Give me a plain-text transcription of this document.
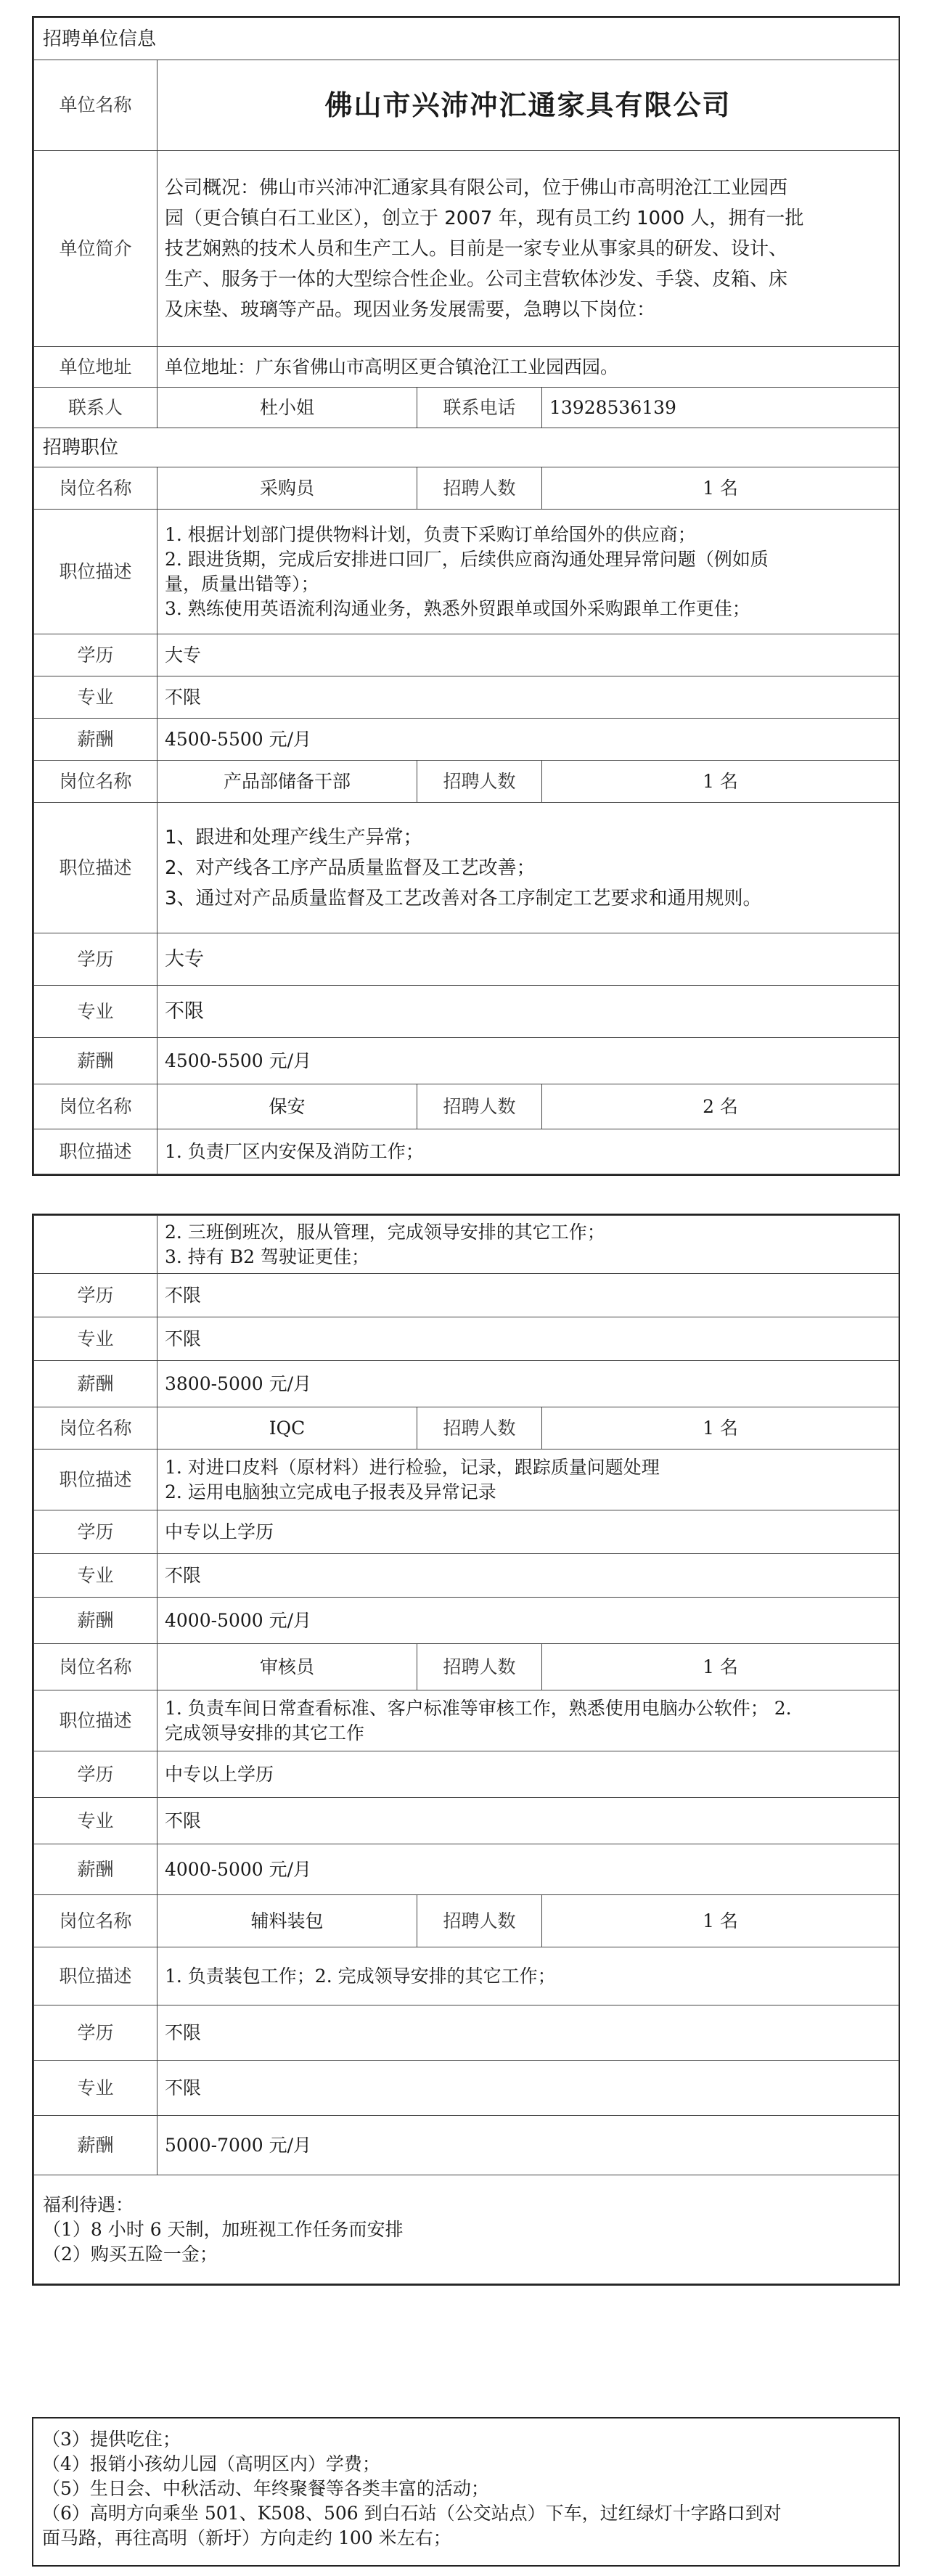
招聘单位信息			
单位名称	佛山市兴沛冲汇通家具有限公司		
单位简介	公司概况：佛山市兴沛冲汇通家具有限公司，位于佛山市高明沧江工业园西
园（更合镇白石工业区），创立于 2007 年，现有员工约 1000 人，拥有一批
技艺娴熟的技术人员和生产工人。目前是一家专业从事家具的研发、设计、
生产、服务于一体的大型综合性企业。公司主营软体沙发、手袋、皮箱、床
及床垫、玻璃等产品。现因业务发展需要，急聘以下岗位：		

单位地址	单位地址：广东省佛山市高明区更合镇沧江工业园西园。		
联系人	杜小姐	联系电话	13928536139
招聘职位			
岗位名称	采购员	招聘人数	1 名
职位描述	1. 根据计划部门提供物料计划，负责下采购订单给国外的供应商；
2. 跟进货期，完成后安排进口回厂，后续供应商沟通处理异常问题（例如质
量，质量出错等）；
3. 熟练使用英语流利沟通业务，熟悉外贸跟单或国外采购跟单工作更佳；		

学历	大专		
专业	不限		
薪酬	4500-5500 元/月		
岗位名称	产品部储备干部	招聘人数	1 名
职位描述	1、跟进和处理产线生产异常；
2、对产线各工序产品质量监督及工艺改善；
3、通过对产品质量监督及工艺改善对各工序制定工艺要求和通用规则。		

学历	大专		
专业	不限		
薪酬	4500-5500 元/月		
岗位名称	保安	招聘人数	2 名
职位描述	1. 负责厂区内安保及消防工作；		

	2. 三班倒班次，服从管理，完成领导安排的其它工作；
3. 持有 B2 驾驶证更佳；		

学历	不限		
专业	不限		
薪酬	3800-5000 元/月		
岗位名称	IQC	招聘人数	1 名
职位描述	1. 对进口皮料（原材料）进行检验，记录，跟踪质量问题处理
2. 运用电脑独立完成电子报表及异常记录		

学历	中专以上学历		
专业	不限		
薪酬	4000-5000 元/月		
岗位名称	审核员	招聘人数	1 名
职位描述	1. 负责车间日常查看标准、客户标准等审核工作，熟悉使用电脑办公软件； 2.
完成领导安排的其它工作		

学历	中专以上学历		
专业	不限		
薪酬	4000-5000 元/月		
岗位名称	辅料装包	招聘人数	1 名
职位描述	1. 负责装包工作；2. 完成领导安排的其它工作；		
学历	不限		
专业	不限		
薪酬	5000-7000 元/月		

福利待遇：
（1）8 小时 6 天制，加班视工作任务而安排
（2）购买五险一金；			
（3）提供吃住；
（4）报销小孩幼儿园（高明区内）学费；
（5）生日会、中秋活动、年终聚餐等各类丰富的活动；
（6）高明方向乘坐 501、K508、506 到白石站（公交站点）下车，过红绿灯十字路口到对
面马路，再往高明（新圩）方向走约 100 米左右；
